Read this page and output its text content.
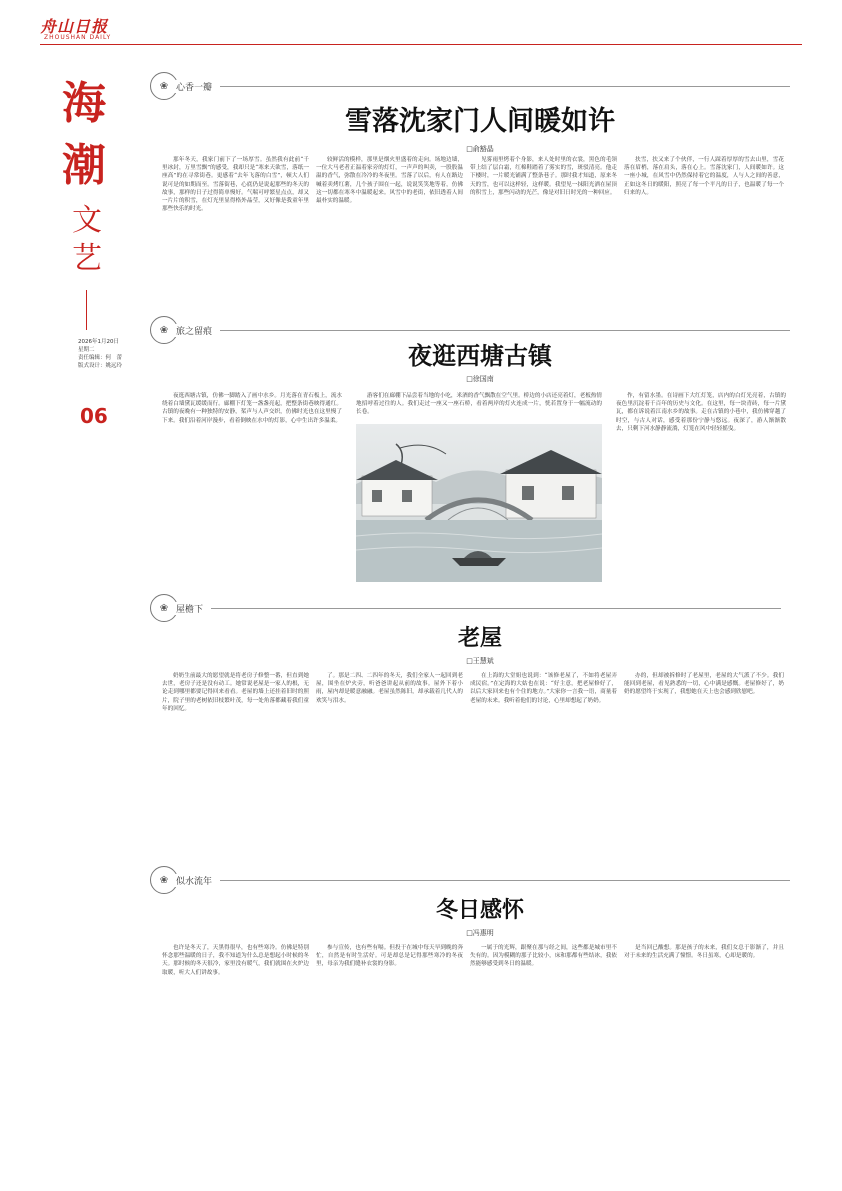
舟山日报
ZHOUSHAN DAILY
海
潮
文
艺
2026年1月20日
星期二
责任编辑：何　蕾
版式设计：姚远玲
06
❀ 心香一瓣
雪落沈家门人间暖如许
□俞豁晶
那年冬天，我家门前下了一场厚雪。虽然我有此前“千里冰封，万里雪飘”的感受，我却只是“寒来天欲雪，落纸一座高”的在寻常街巷。更感着“去年飞落的白雪”，顿大人们说可是的如期而至。雪落街巷，心底仍是说起那些的冬天的故事，那样的日子过得简单慢好。气喘可呼繁星点点，却又一片片的积雪，在灯光里显得格外晶莹，又好像是我童年里那些快乐的时光。
较鲜活的模样，那里是烟火里盛着的走向。场地边墙，一位大马老者正温着家旁的灯灯，一声声的叫卖，一股股温温的香气，弥散在冷冷的冬夜里。雪落了以后，有人在路边喊着卖烤红薯，几个孩子围在一起，说说笑笑地等着，仿佛这一切都在寒冬中温暖起来。风雪中的老街，依旧透着人间最朴实的温暖。
见雾雨里烤着个身影，来人处时里的衣裳，黑色的毛领带上结了层白霜，红棉鞋踏着了雾实的雪，斑驳清亮。他走下楼时，一片暖光铺满了整条巷子。那时我才知道，原来冬天的雪，也可以这样轻，这样暖。我望见一抹阳光洒在屋顶的积雪上，那些闪动的光芒，像是对旧日时光的一种回应。
扶雪，扶又来了个伙伴，一行人踩着厚厚的雪去山里，雪花落在眉梢，落在肩头，落在心上。雪落沈家门，人间暖如许。这一座小城，在风雪中仍然保持着它的温度，人与人之间的善意，正如这冬日的暖阳，照亮了每一个平凡的日子，也温暖了每一个归来的人。
❀ 旅之留痕
夜逛西塘古镇
□徐国南
夜逛西塘古镇，仿佛一脚踏入了画中水乡。月光落在青石板上，流水绕着白墙黛瓦缓缓而行。廊棚下灯笼一盏盏亮起，把整条街巷映得通红。古镇的夜晚有一种独特的安静，桨声与人声交织，仿佛时光也在这里慢了下来。我们沿着河岸漫步，看着倒映在水中的灯影，心中生出许多温柔。
游客们在廊棚下品尝着当地的小吃，米酒的香气飘散在空气里。桥边的小店还亮着灯，老板热情地招呼着过往的人。我们走过一座又一座石桥，看着两岸的灯火连成一片，恍若置身于一幅流动的长卷。
作，有留水墨。在诗画下大红灯笼，店内的白灯光亮着，古镇的夜色里沉淀着千百年的历史与文化。在这里，每一块青砖，每一片黛瓦，都在诉说着江南水乡的故事。走在古镇的小巷中，我仿佛穿越了时空，与古人对话，感受着那份宁静与悠远。夜深了，游人渐渐散去，只剩下河水静静流淌，灯笼在风中轻轻摇曳。
❀ 屋檐下
老屋
□王慧斌
奶奶生前最大的愿望就是将老房子修整一番，但直到她去世，老房子还是没有动工。她常说老屋是一家人的根，无论走到哪里都要记得回来看看。老屋的墙上还挂着旧时的照片，院子里的老树依旧枝繁叶茂，每一处角落都藏着我们童年的回忆。
了。那是二四、二四年的冬天，我们全家人一起回到老屋，围坐在炉火旁，听爸爸讲起从前的故事。屋外下着小雨，屋内却是暖意融融。老屋虽然陈旧，却承载着几代人的欢笑与泪水。
在上海的大堂姐也说到：“该修老屋了，不如将老屋弄成民宿。”在定海的大姑也在说：“好主意，把老屋修好了，以后大家回来也有个住的地方。”大家你一言我一语，商量着老屋的未来。我听着他们的讨论，心里却想起了奶奶。
办的，但却被拆修时了老屋里，老屋的大气派了不少。我们能回到老屋，看见熟悉的一切，心中满是感慨。老屋修好了，奶奶的愿望终于实现了，我想她在天上也会感到欣慰吧。
❀ 似水流年
冬日感怀
□冯惠明
也许是冬天了，天黑得很早，也有些寒冷。仿佛是特别怀念那些温暖的日子，我不知道为什么总是想起小时候的冬天。那时候的冬天很冷，家里没有暖气，我们就围在火炉边取暖，听大人们讲故事。
参与宣传，也有些有嗝。但投于在城中每天早到晚的奔忙，自然是有时生活好。可是却总是记得那些寒冷的冬夜里，母亲为我们缝补衣裳的身影。
一属于的光辉，跟聚在那与经之间，这些都是城市里不失有的。因为模糊的那子比较小，床和那都有些结冰，我依然能够感受到冬日的温暖。
是当回已酸想。那是孩子的未来，我们女总于影渐了，并且对于未来的生活充满了憧憬。冬日虽寒，心却是暖的。
